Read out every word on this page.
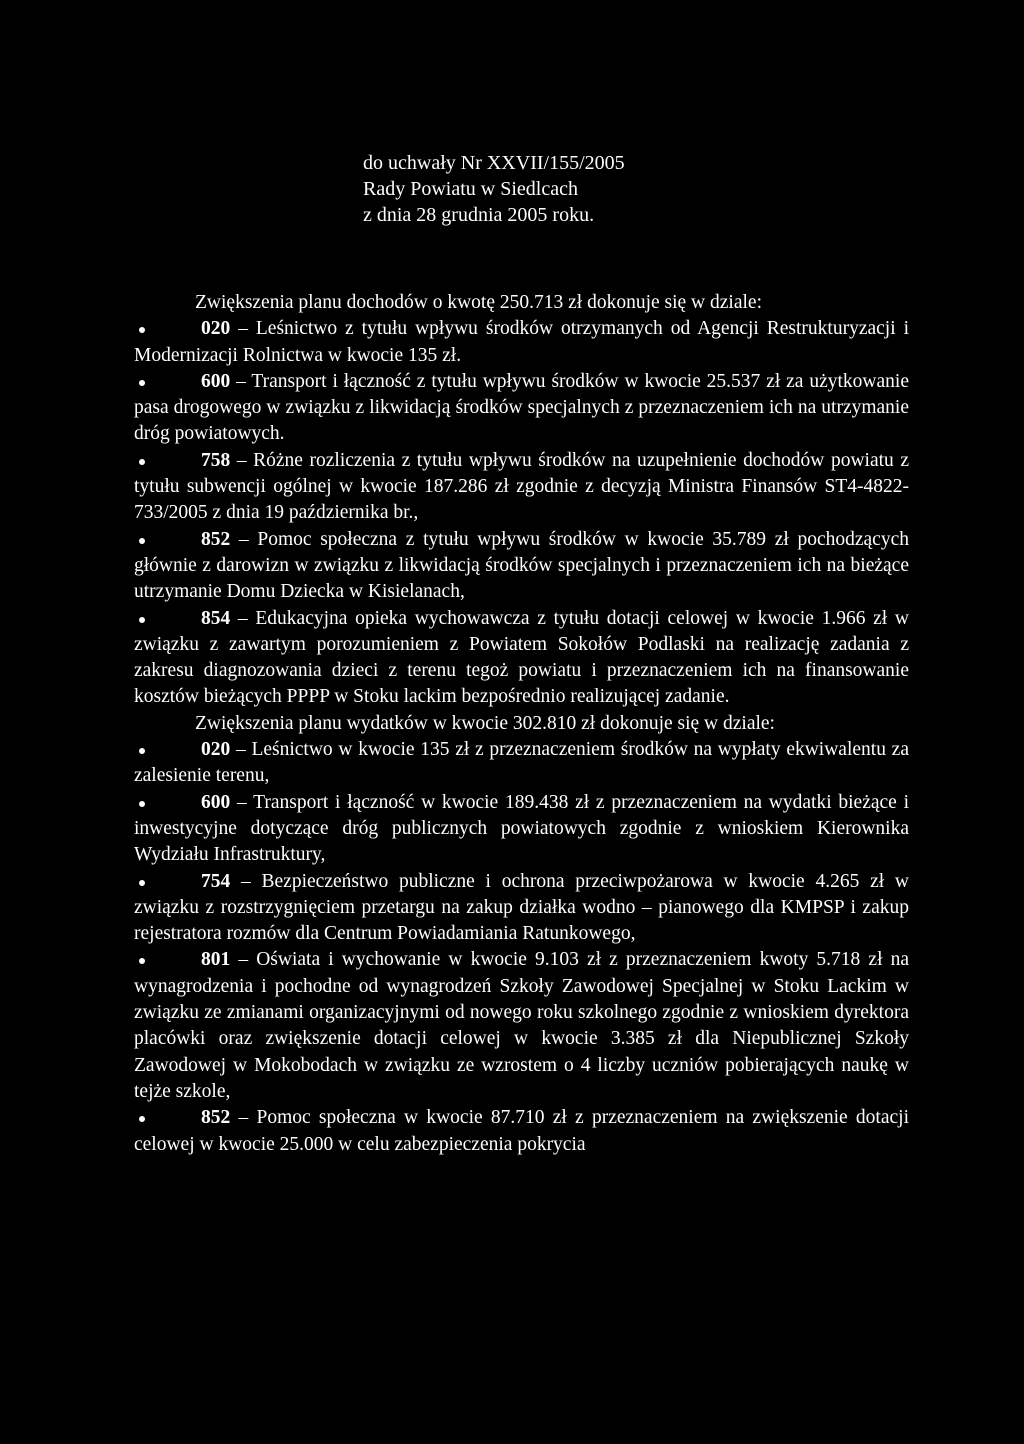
do uchwały Nr XXVII/155/2005
Rady Powiatu w Siedlcach
z dnia 28 grudnia 2005 roku.
Zwiększenia planu dochodów o kwotę 250.713 zł dokonuje się w dziale:
020 – Leśnictwo z tytułu wpływu środków otrzymanych od Agencji Restrukturyzacji i Modernizacji Rolnictwa w kwocie 135 zł.
600 – Transport i łączność z tytułu wpływu środków w kwocie 25.537 zł za użytkowanie pasa drogowego w związku z likwidacją środków specjalnych z przeznaczeniem ich na utrzymanie dróg powiatowych.
758 – Różne rozliczenia z tytułu wpływu środków na uzupełnienie dochodów powiatu z tytułu subwencji ogólnej w kwocie 187.286 zł zgodnie z decyzją Ministra Finansów ST4-4822-733/2005 z dnia 19 października br.,
852 – Pomoc społeczna z tytułu wpływu środków w kwocie 35.789 zł pochodzących głównie z darowizn w związku z likwidacją środków specjalnych i przeznaczeniem ich na bieżące utrzymanie Domu Dziecka w Kisielanach,
854 – Edukacyjna opieka wychowawcza z tytułu dotacji celowej w kwocie 1.966 zł w związku z zawartym porozumieniem z Powiatem Sokołów Podlaski na realizację zadania z zakresu diagnozowania dzieci z terenu tegoż powiatu i przeznaczeniem ich na finansowanie kosztów bieżących PPPP w Stoku lackim bezpośrednio realizującej zadanie.
Zwiększenia planu wydatków w kwocie 302.810 zł dokonuje się w dziale:
020 – Leśnictwo w kwocie 135 zł z przeznaczeniem środków na wypłaty ekwiwalentu za zalesienie terenu,
600 – Transport i łączność w kwocie 189.438 zł z przeznaczeniem na wydatki bieżące i inwestycyjne dotyczące dróg publicznych powiatowych zgodnie z wnioskiem Kierownika Wydziału Infrastruktury,
754 – Bezpieczeństwo publiczne i ochrona przeciwpożarowa w kwocie 4.265 zł w związku z rozstrzygnięciem przetargu na zakup działka wodno – pianowego dla KMPSP i zakup rejestratora rozmów dla Centrum Powiadamiania Ratunkowego,
801 – Oświata i wychowanie w kwocie 9.103 zł z przeznaczeniem kwoty 5.718 zł na wynagrodzenia i pochodne od wynagrodzeń Szkoły Zawodowej Specjalnej w Stoku Lackim w związku ze zmianami organizacyjnymi od nowego roku szkolnego zgodnie z wnioskiem dyrektora placówki oraz zwiększenie dotacji celowej w kwocie 3.385 zł dla Niepublicznej Szkoły Zawodowej w Mokobodach w związku ze wzrostem o 4 liczby uczniów pobierających naukę w tejże szkole,
852 – Pomoc społeczna w kwocie 87.710 zł z przeznaczeniem na zwiększenie dotacji celowej w kwocie 25.000 w celu zabezpieczenia pokrycia
